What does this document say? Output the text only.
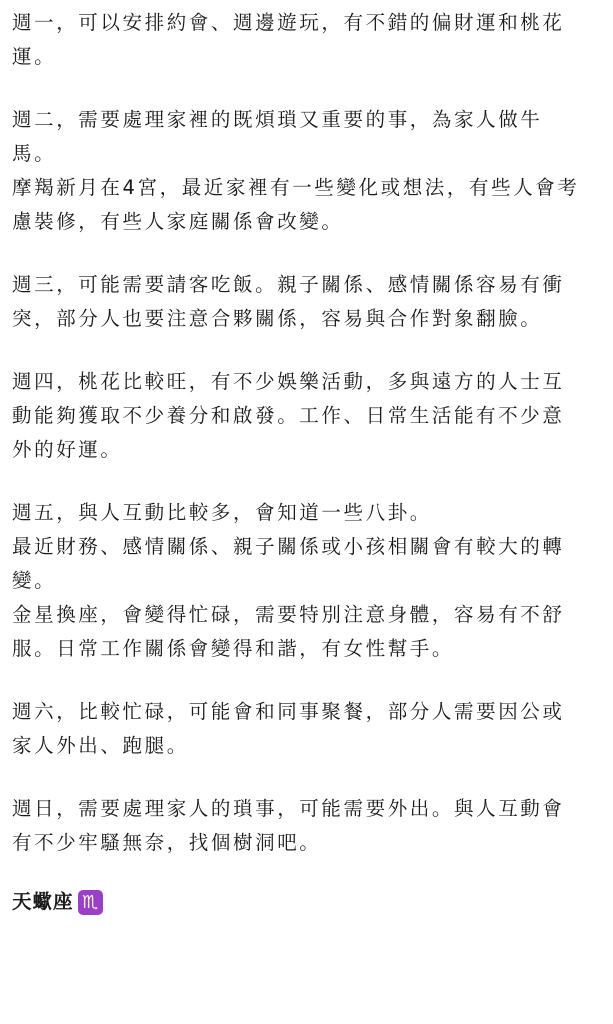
週一，可以安排約會、週邊遊玩，有不錯的偏財運和桃花
運。
週二，需要處理家裡的既煩瑣又重要的事，為家人做牛
馬。
摩羯新月在4宮，最近家裡有一些變化或想法，有些人會考
慮裝修，有些人家庭關係會改變。
週三，可能需要請客吃飯。親子關係、感情關係容易有衝
突，部分人也要注意合夥關係，容易與合作對象翻臉。
週四，桃花比較旺，有不少娛樂活動，多與遠方的人士互
動能夠獲取不少養分和啟發。工作、日常生活能有不少意
外的好運。
週五，與人互動比較多，會知道一些八卦。
最近財務、感情關係、親子關係或小孩相關會有較大的轉
變。
金星換座，會變得忙碌，需要特別注意身體，容易有不舒
服。日常工作關係會變得和諧，有女性幫手。
週六，比較忙碌，可能會和同事聚餐，部分人需要因公或
家人外出、跑腿。
週日，需要處理家人的瑣事，可能需要外出。與人互動會
有不少牢騷無奈，找個樹洞吧。
天蠍座 ♏
